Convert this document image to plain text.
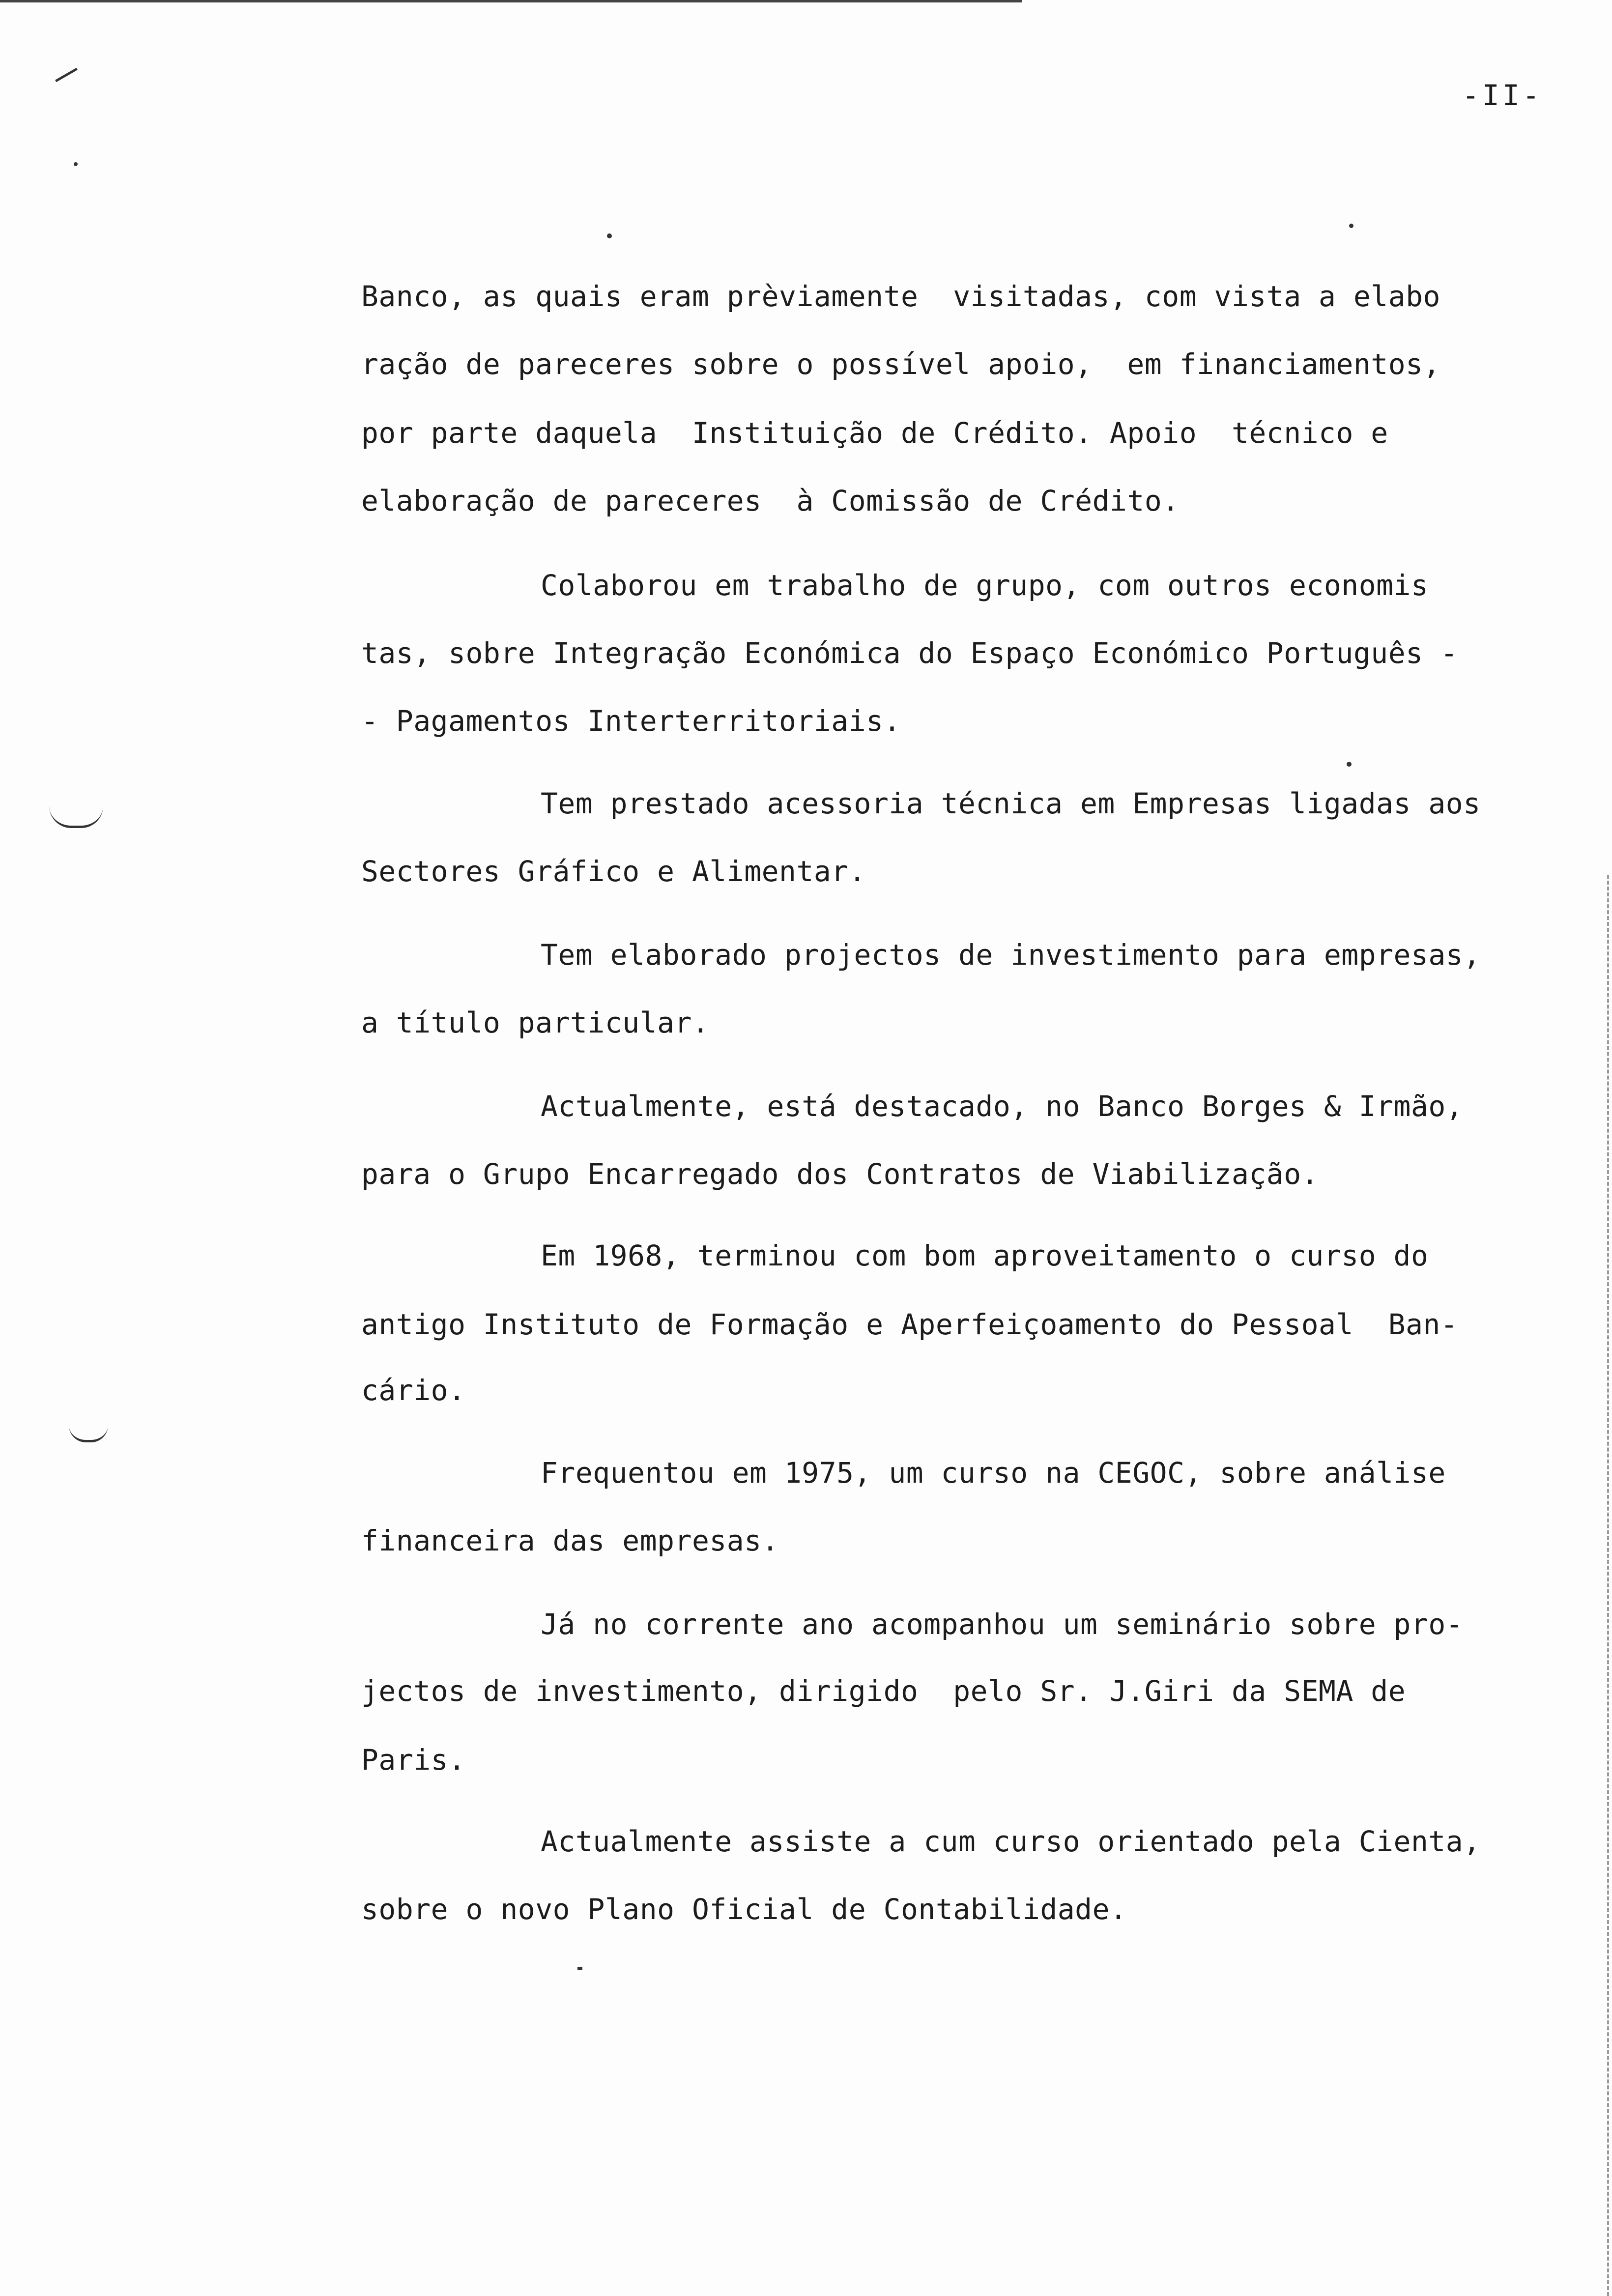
-II-
Banco, as quais eram prèviamente  visitadas, com vista a elabo
ração de pareceres sobre o possível apoio,  em financiamentos,
por parte daquela  Instituição de Crédito. Apoio  técnico e
elaboração de pareceres  à Comissão de Crédito.
Colaborou em trabalho de grupo, com outros economis
tas, sobre Integração Económica do Espaço Económico Português -
- Pagamentos Interterritoriais.
Tem prestado acessoria técnica em Empresas ligadas aos
Sectores Gráfico e Alimentar.
Tem elaborado projectos de investimento para empresas,
a título particular.
Actualmente, está destacado, no Banco Borges & Irmão,
para o Grupo Encarregado dos Contratos de Viabilização.
Em 1968, terminou com bom aproveitamento o curso do
antigo Instituto de Formação e Aperfeiçoamento do Pessoal  Ban-
cário.
Frequentou em 1975, um curso na CEGOC, sobre análise
financeira das empresas.
Já no corrente ano acompanhou um seminário sobre pro-
jectos de investimento, dirigido  pelo Sr. J.Giri da SEMA de
Paris.
Actualmente assiste a cum curso orientado pela Cienta,
sobre o novo Plano Oficial de Contabilidade.
